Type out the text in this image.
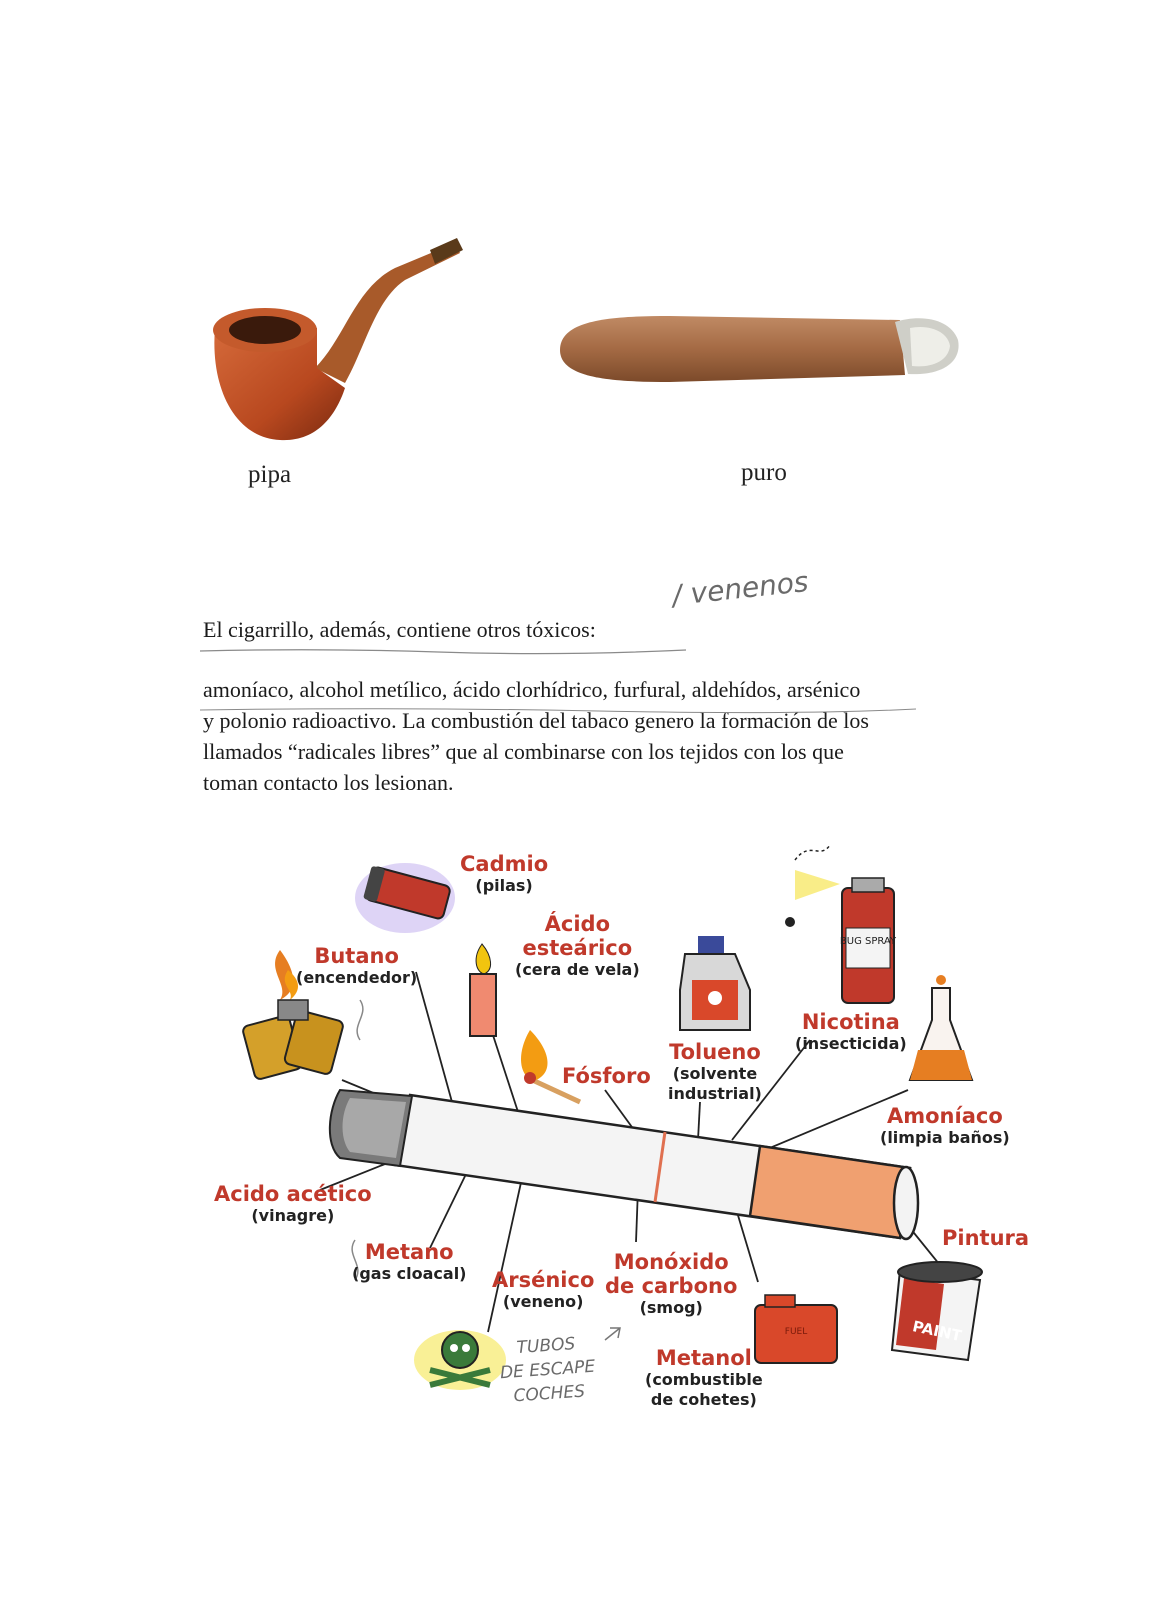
pipa	puro
/ venenos
El cigarrillo, además, contiene otros tóxicos:

amoníaco, alcohol metílico, ácido clorhídrico, furfural, aldehídos, arsénico

y polonio radioactivo. La combustión del tabaco genero la formación de los

llamados “radicales libres” que al combinarse con los tejidos con los que

toman contacto los lesionan.

BUG SPRAY
FUEL	PAINT
Cadmio
(pilas)
Ácido
esteárico
(cera de vela)
Butano
(encendedor)
Fósforo
Tolueno
(solvente
industrial)
Nicotina
(insecticida)
Amoníaco
(limpia baños)
Acido acético
(vinagre)
Metano
(gas cloacal) Arsénico
(veneno)
Monóxido
de carbono
(smog)
Pintura
Metanol
(combustible
de cohetes)
TUBOS
DE ESCAPE
COCHES
